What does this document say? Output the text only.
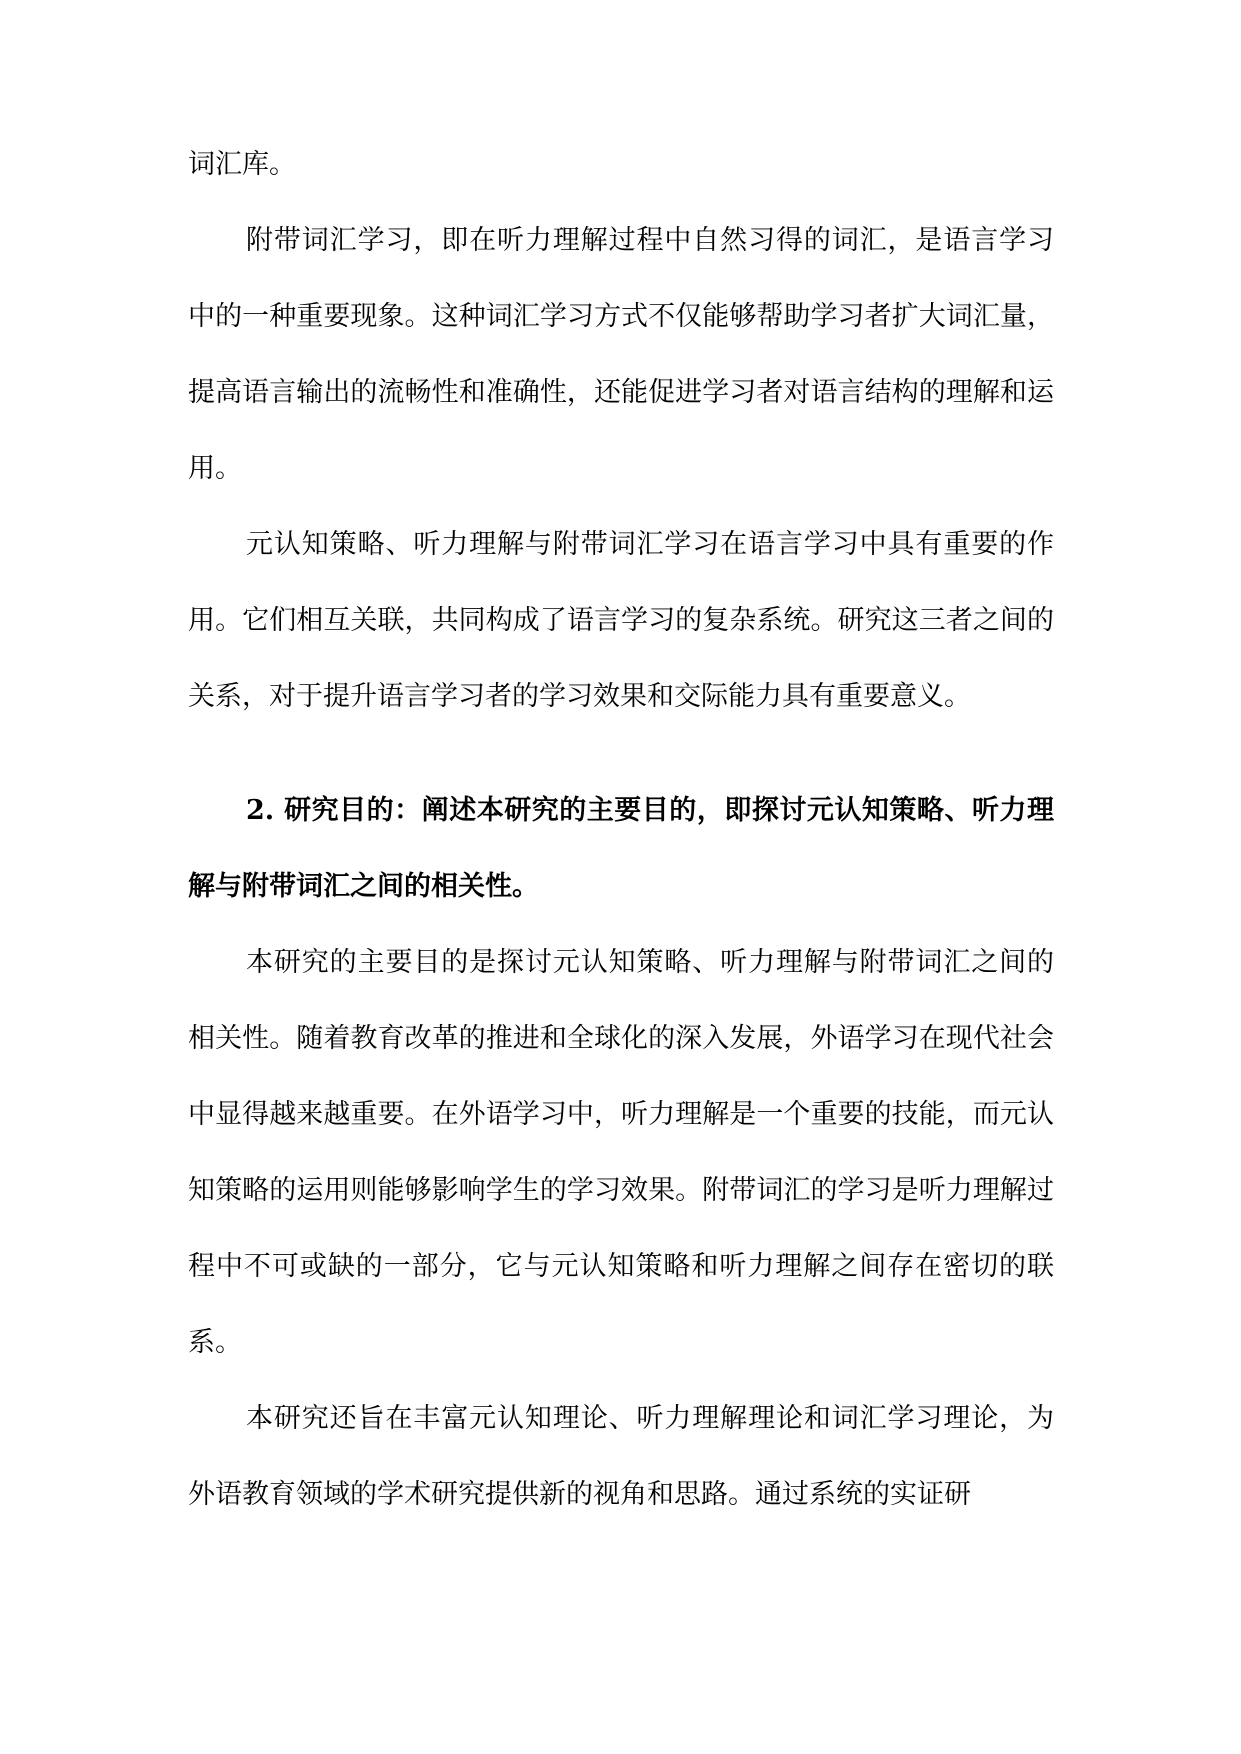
词汇库。

附带词汇学习，即在听力理解过程中自然习得的词汇，是语言学习中的一种重要现象。这种词汇学习方式不仅能够帮助学习者扩大词汇量，提高语言输出的流畅性和准确性，还能促进学习者对语言结构的理解和运用。

元认知策略、听力理解与附带词汇学习在语言学习中具有重要的作用。它们相互关联，共同构成了语言学习的复杂系统。研究这三者之间的关系，对于提升语言学习者的学习效果和交际能力具有重要意义。

2. 研究目的：阐述本研究的主要目的，即探讨元认知策略、听力理解与附带词汇之间的相关性。

本研究的主要目的是探讨元认知策略、听力理解与附带词汇之间的相关性。随着教育改革的推进和全球化的深入发展，外语学习在现代社会中显得越来越重要。在外语学习中，听力理解是一个重要的技能，而元认知策略的运用则能够影响学生的学习效果。附带词汇的学习是听力理解过程中不可或缺的一部分，它与元认知策略和听力理解之间存在密切的联系。

本研究还旨在丰富元认知理论、听力理解理论和词汇学习理论，为外语教育领域的学术研究提供新的视角和思路。通过系统的实证研
